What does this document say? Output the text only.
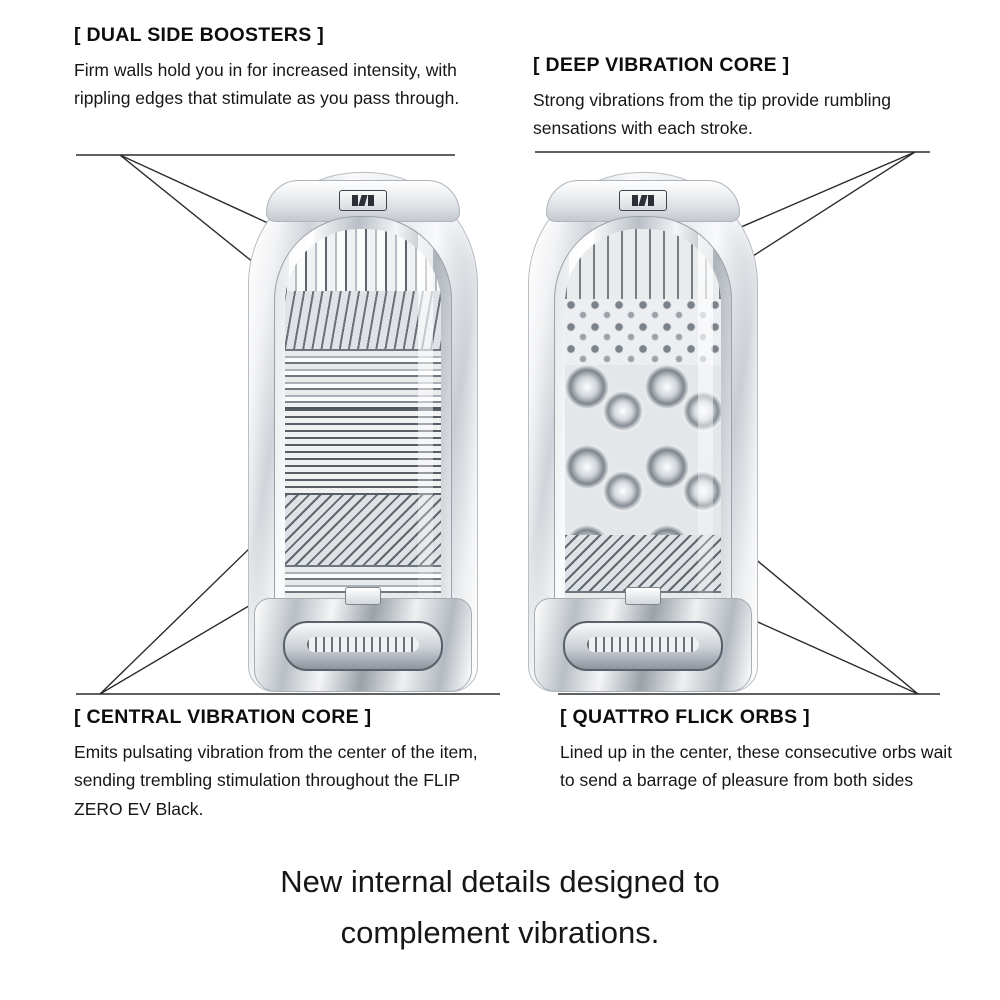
[ DUAL SIDE BOOSTERS ]

Firm walls hold you in for increased intensity, with rippling edges that stimulate as you pass through.

[ DEEP VIBRATION CORE ]

Strong vibrations from the tip provide rumbling sensations with each stroke.

[ CENTRAL VIBRATION CORE ]

Emits pulsating vibration from the center of the item, sending trembling stimulation throughout the FLIP ZERO EV Black.

[ QUATTRO FLICK ORBS ]

Lined up in the center, these consecutive orbs wait to send a barrage of pleasure from both sides

New internal details designed to
complement vibrations.
